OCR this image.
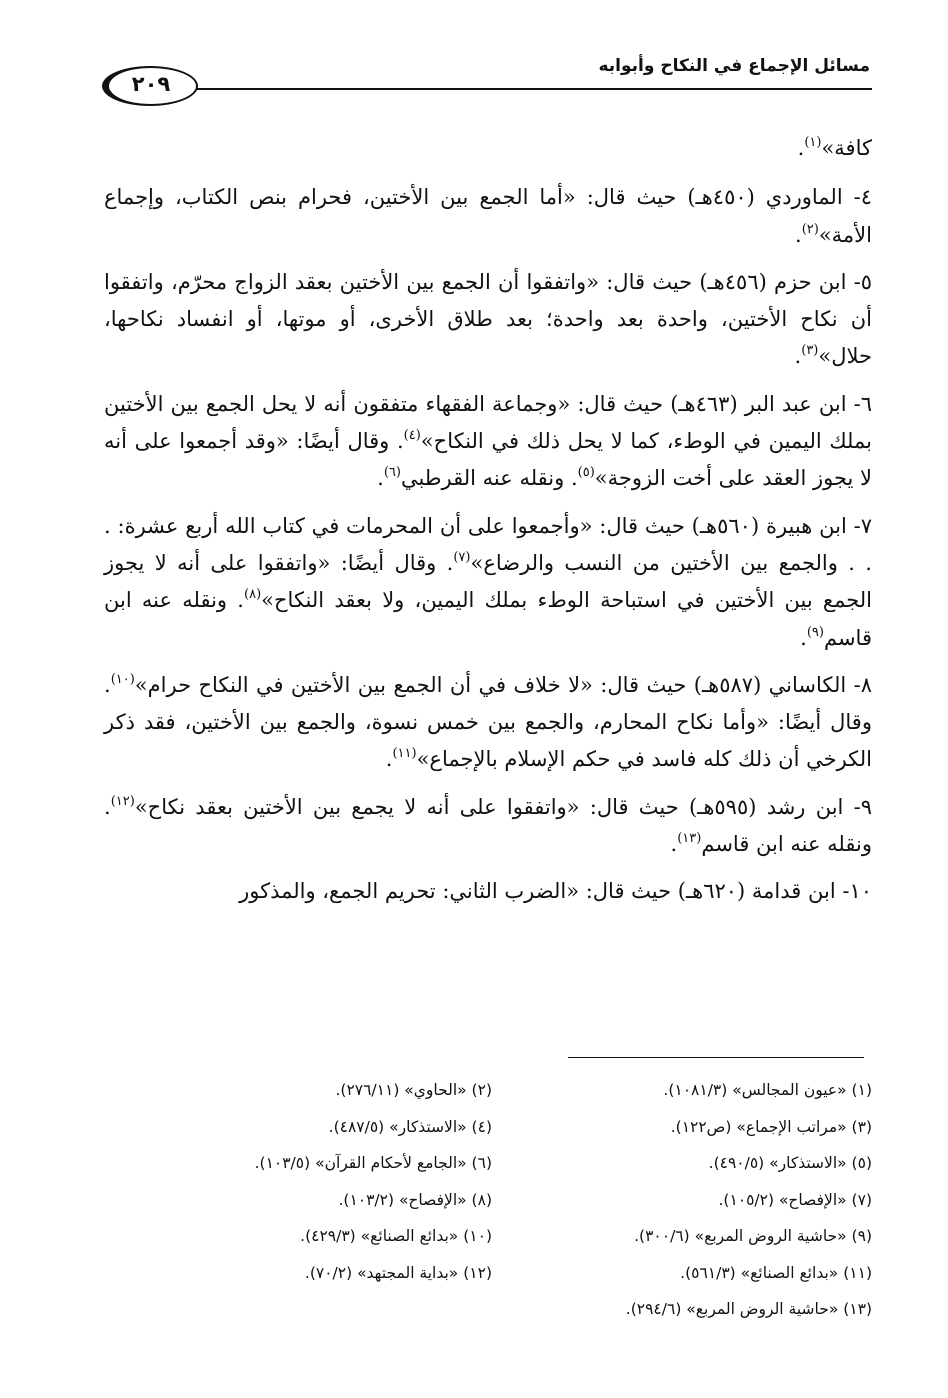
مسائل الإجماع في النكاح وأبوابه
٢٠٩

كافة»$^{(١)}$.

٤- الماوردي (٤٥٠هـ) حيث قال: «أما الجمع بين الأختين، فحرام بنص الكتاب، وإجماع الأمة»$^{(٢)}$.

٥- ابن حزم (٤٥٦هـ) حيث قال: «واتفقوا أن الجمع بين الأختين بعقد الزواج محرّم، واتفقوا أن نكاح الأختين، واحدة بعد واحدة؛ بعد طلاق الأخرى، أو موتها، أو انفساد نكاحها، حلال»$^{(٣)}$.

٦- ابن عبد البر (٤٦٣هـ) حيث قال: «وجماعة الفقهاء متفقون أنه لا يحل الجمع بين الأختين بملك اليمين في الوطء، كما لا يحل ذلك في النكاح»$^{(٤)}$. وقال أيضًا: «وقد أجمعوا على أنه لا يجوز العقد على أخت الزوجة»$^{(٥)}$. ونقله عنه القرطبي$^{(٦)}$.

٧- ابن هبيرة (٥٦٠هـ) حيث قال: «وأجمعوا على أن المحرمات في كتاب الله أربع عشرة: . . . والجمع بين الأختين من النسب والرضاع»$^{(٧)}$. وقال أيضًا: «واتفقوا على أنه لا يجوز الجمع بين الأختين في استباحة الوطء بملك اليمين، ولا بعقد النكاح»$^{(٨)}$. ونقله عنه ابن قاسم$^{(٩)}$.

٨- الكاساني (٥٨٧هـ) حيث قال: «لا خلاف في أن الجمع بين الأختين في النكاح حرام»$^{(١٠)}$. وقال أيضًا: «وأما نكاح المحارم، والجمع بين خمس نسوة، والجمع بين الأختين، فقد ذكر الكرخي أن ذلك كله فاسد في حكم الإسلام بالإجماع»$^{(١١)}$.

٩- ابن رشد (٥٩٥هـ) حيث قال: «واتفقوا على أنه لا يجمع بين الأختين بعقد نكاح»$^{(١٢)}$. ونقله عنه ابن قاسم$^{(١٣)}$.

١٠- ابن قدامة (٦٢٠هـ) حيث قال: «الضرب الثاني: تحريم الجمع، والمذكور

(١) «عيون المجالس» (١٠٨١/٣).
(٢) «الحاوي» (٢٧٦/١١).
(٣) «مراتب الإجماع» (ص١٢٢).
(٤) «الاستذكار» (٤٨٧/٥).
(٥) «الاستذكار» (٤٩٠/٥).
(٦) «الجامع لأحكام القرآن» (١٠٣/٥).
(٧) «الإفصاح» (١٠٥/٢).
(٨) «الإفصاح» (١٠٣/٢).
(٩) «حاشية الروض المربع» (٣٠٠/٦).
(١٠) «بدائع الصنائع» (٤٢٩/٣).
(١١) «بدائع الصنائع» (٥٦١/٣).
(١٢) «بداية المجتهد» (٧٠/٢).
(١٣) «حاشية الروض المربع» (٢٩٤/٦).
